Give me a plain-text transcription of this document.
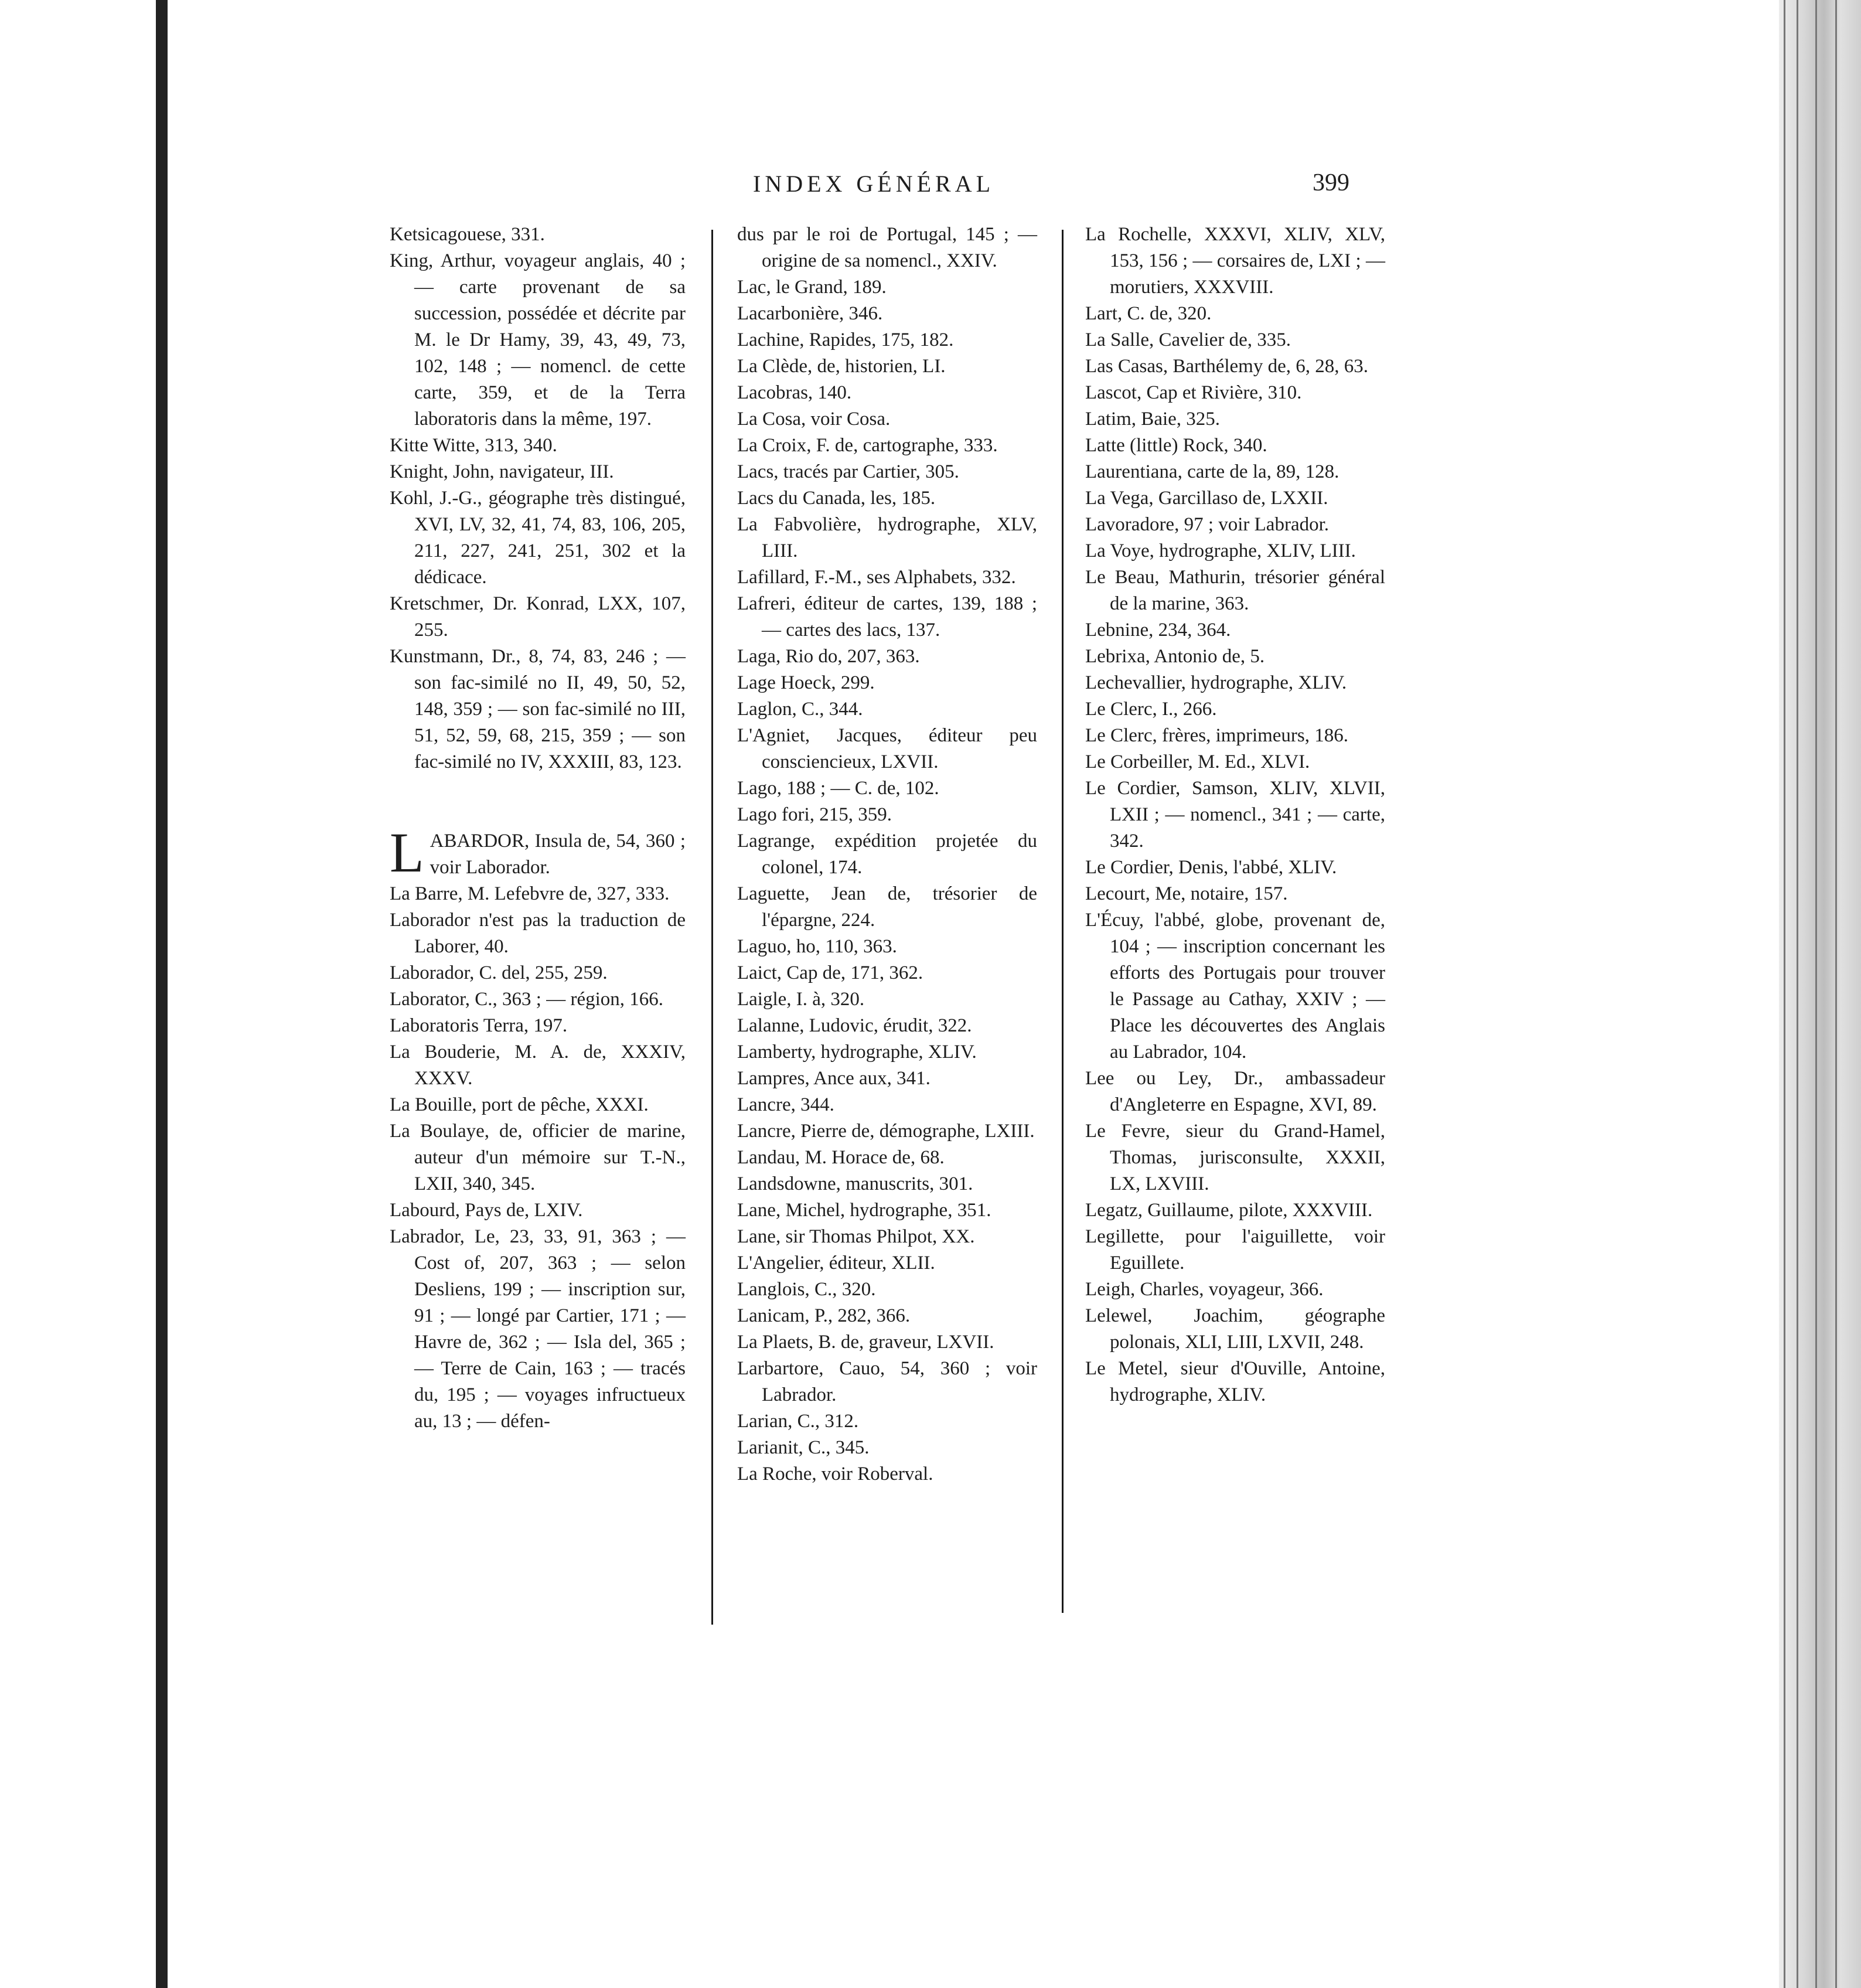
INDEX GÉNÉRAL	399
Ketsicagouese, 331.
King, Arthur, voyageur anglais, 40 ; — carte provenant de sa succession, possédée et décrite par M. le Dr Hamy, 39, 43, 49, 73, 102, 148 ; — nomencl. de cette carte, 359, et de la Terra laboratoris dans la même, 197.
Kitte Witte, 313, 340.
Knight, John, navigateur, III.
Kohl, J.-G., géographe très distingué, XVI, LV, 32, 41, 74, 83, 106, 205, 211, 227, 241, 251, 302 et la dédicace.
Kretschmer, Dr. Konrad, LXX, 107, 255.
Kunstmann, Dr., 8, 74, 83, 246 ; — son fac-similé no II, 49, 50, 52, 148, 359 ; — son fac-similé no III, 51, 52, 59, 68, 215, 359 ; — son fac-similé no IV, XXXIII, 83, 123.
L ABARDOR, Insula de, 54, 360 ; voir Laborador.
La Barre, M. Lefebvre de, 327, 333.
Laborador n'est pas la traduction de Laborer, 40.
Laborador, C. del, 255, 259.
Laborator, C., 363 ; — région, 166.
Laboratoris Terra, 197.
La Bouderie, M. A. de, XXXIV, XXXV.
La Bouille, port de pêche, XXXI.
La Boulaye, de, officier de marine, auteur d'un mémoire sur T.-N., LXII, 340, 345.
Labourd, Pays de, LXIV.
Labrador, Le, 23, 33, 91, 363 ; — Cost of, 207, 363 ; — selon Desliens, 199 ; — inscription sur, 91 ; — longé par Cartier, 171 ; — Havre de, 362 ; — Isla del, 365 ; — Terre de Cain, 163 ; — tracés du, 195 ; — voyages infructueux au, 13 ; — défen-
dus par le roi de Portugal, 145 ; — origine de sa nomencl., XXIV.
Lac, le Grand, 189.
Lacarbonière, 346.
Lachine, Rapides, 175, 182.
La Clède, de, historien, LI.
Lacobras, 140.
La Cosa, voir Cosa.
La Croix, F. de, cartographe, 333.
Lacs, tracés par Cartier, 305.
Lacs du Canada, les, 185.
La Fabvolière, hydrographe, XLV, LIII.
Lafillard, F.-M., ses Alphabets, 332.
Lafreri, éditeur de cartes, 139, 188 ; — cartes des lacs, 137.
Laga, Rio do, 207, 363.
Lage Hoeck, 299.
Laglon, C., 344.
L'Agniet, Jacques, éditeur peu consciencieux, LXVII.
Lago, 188 ; — C. de, 102.
Lago fori, 215, 359.
Lagrange, expédition projetée du colonel, 174.
Laguette, Jean de, trésorier de l'épargne, 224.
Laguo, ho, 110, 363.
Laict, Cap de, 171, 362.
Laigle, I. à, 320.
Lalanne, Ludovic, érudit, 322.
Lamberty, hydrographe, XLIV.
Lampres, Ance aux, 341.
Lancre, 344.
Lancre, Pierre de, démographe, LXIII.
Landau, M. Horace de, 68.
Landsdowne, manuscrits, 301.
Lane, Michel, hydrographe, 351.
Lane, sir Thomas Philpot, XX.
L'Angelier, éditeur, XLII.
Langlois, C., 320.
Lanicam, P., 282, 366.
La Plaets, B. de, graveur, LXVII.
Larbartore, Cauo, 54, 360 ; voir Labrador.
Larian, C., 312.
Larianit, C., 345.
La Roche, voir Roberval.
La Rochelle, XXXVI, XLIV, XLV, 153, 156 ; — corsaires de, LXI ; — morutiers, XXXVIII.
Lart, C. de, 320.
La Salle, Cavelier de, 335.
Las Casas, Barthélemy de, 6, 28, 63.
Lascot, Cap et Rivière, 310.
Latim, Baie, 325.
Latte (little) Rock, 340.
Laurentiana, carte de la, 89, 128.
La Vega, Garcillaso de, LXXII.
Lavoradore, 97 ; voir Labrador.
La Voye, hydrographe, XLIV, LIII.
Le Beau, Mathurin, trésorier général de la marine, 363.
Lebnine, 234, 364.
Lebrixa, Antonio de, 5.
Lechevallier, hydrographe, XLIV.
Le Clerc, I., 266.
Le Clerc, frères, imprimeurs, 186.
Le Corbeiller, M. Ed., XLVI.
Le Cordier, Samson, XLIV, XLVII, LXII ; — nomencl., 341 ; — carte, 342.
Le Cordier, Denis, l'abbé, XLIV.
Lecourt, Me, notaire, 157.
L'Écuy, l'abbé, globe, provenant de, 104 ; — inscription concernant les efforts des Portugais pour trouver le Passage au Cathay, XXIV ; — Place les découvertes des Anglais au Labrador, 104.
Lee ou Ley, Dr., ambassadeur d'Angleterre en Espagne, XVI, 89.
Le Fevre, sieur du Grand-Hamel, Thomas, jurisconsulte, XXXII, LX, LXVIII.
Legatz, Guillaume, pilote, XXXVIII.
Legillette, pour l'aiguillette, voir Eguillete.
Leigh, Charles, voyageur, 366.
Lelewel, Joachim, géographe polonais, XLI, LIII, LXVII, 248.
Le Metel, sieur d'Ouville, Antoine, hydrographe, XLIV.
